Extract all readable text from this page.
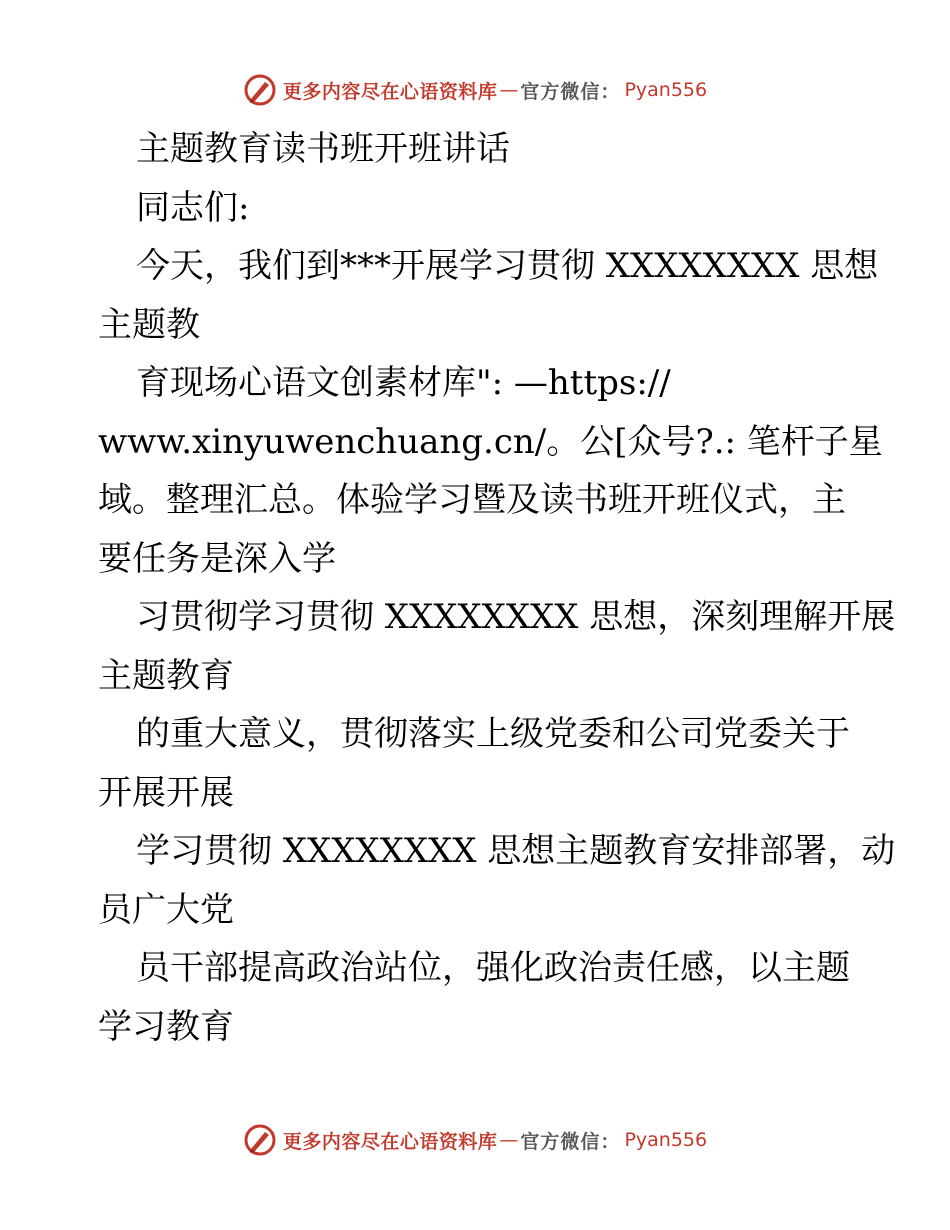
更多内容尽在心语资料库 — 官方微信： Pyan556
主题教育读书班开班讲话
同志们:
今天，我们到***开展学习贯彻 XXXXXXXX 思想
主题教
育现场心语文创素材库": —https://
www.xinyuwenchuang.cn/。公[众号?.: 笔杆子星
域。整理汇总。体验学习暨及读书班开班仪式，主
要任务是深入学
习贯彻学习贯彻 XXXXXXXX 思想，深刻理解开展
主题教育
的重大意义，贯彻落实上级党委和公司党委关于
开展开展
学习贯彻 XXXXXXXX 思想主题教育安排部署，动
员广大党
员干部提高政治站位，强化政治责任感，以主题
学习教育
更多内容尽在心语资料库 — 官方微信： Pyan556
